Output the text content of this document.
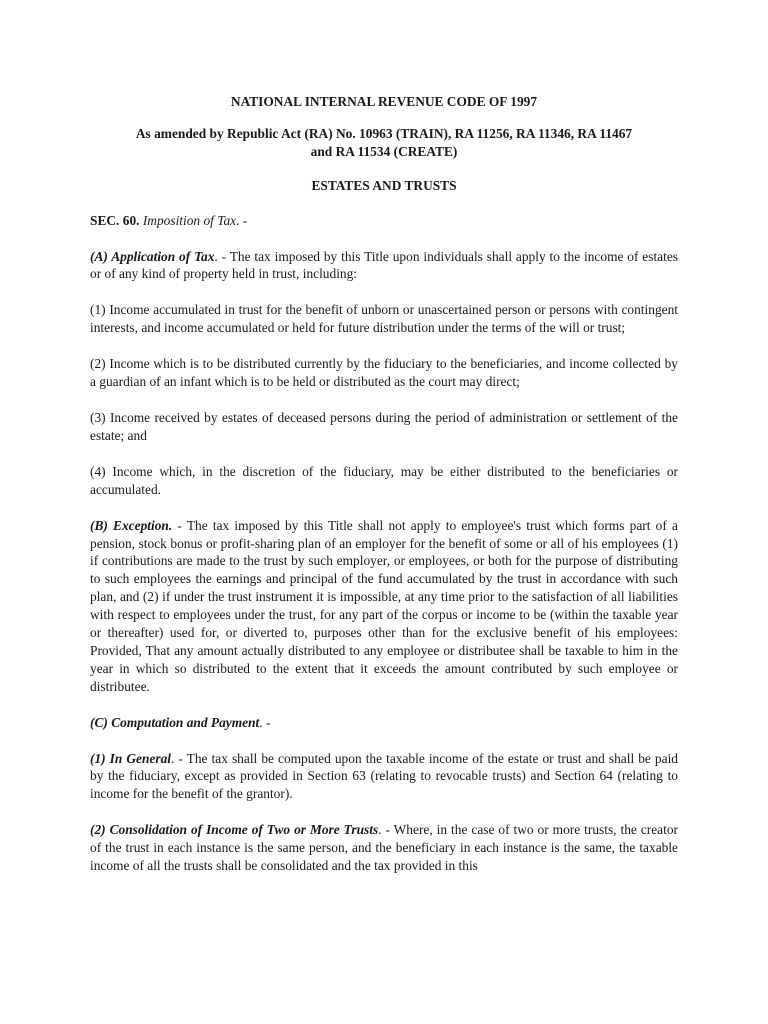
NATIONAL INTERNAL REVENUE CODE OF 1997
As amended by Republic Act (RA) No. 10963 (TRAIN), RA 11256, RA 11346, RA 11467
and RA 11534 (CREATE)
ESTATES AND TRUSTS

SEC. 60. Imposition of Tax. -

(A) Application of Tax. - The tax imposed by this Title upon individuals shall apply to the income of estates or of any kind of property held in trust, including:

(1) Income accumulated in trust for the benefit of unborn or unascertained person or persons with contingent interests, and income accumulated or held for future distribution under the terms of the will or trust;

(2) Income which is to be distributed currently by the fiduciary to the beneficiaries, and income collected by a guardian of an infant which is to be held or distributed as the court may direct;

(3) Income received by estates of deceased persons during the period of administration or settlement of the estate; and

(4) Income which, in the discretion of the fiduciary, may be either distributed to the beneficiaries or accumulated.

(B) Exception. - The tax imposed by this Title shall not apply to employee's trust which forms part of a pension, stock bonus or profit-sharing plan of an employer for the benefit of some or all of his employees (1) if contributions are made to the trust by such employer, or employees, or both for the purpose of distributing to such employees the earnings and principal of the fund accumulated by the trust in accordance with such plan, and (2) if under the trust instrument it is impossible, at any time prior to the satisfaction of all liabilities with respect to employees under the trust, for any part of the corpus or income to be (within the taxable year or thereafter) used for, or diverted to, purposes other than for the exclusive benefit of his employees: Provided, That any amount actually distributed to any employee or distributee shall be taxable to him in the year in which so distributed to the extent that it exceeds the amount contributed by such employee or distributee.

(C) Computation and Payment. -

(1) In General. - The tax shall be computed upon the taxable income of the estate or trust and shall be paid by the fiduciary, except as provided in Section 63 (relating to revocable trusts) and Section 64 (relating to income for the benefit of the grantor).

(2) Consolidation of Income of Two or More Trusts. - Where, in the case of two or more trusts, the creator of the trust in each instance is the same person, and the beneficiary in each instance is the same, the taxable income of all the trusts shall be consolidated and the tax provided in this
